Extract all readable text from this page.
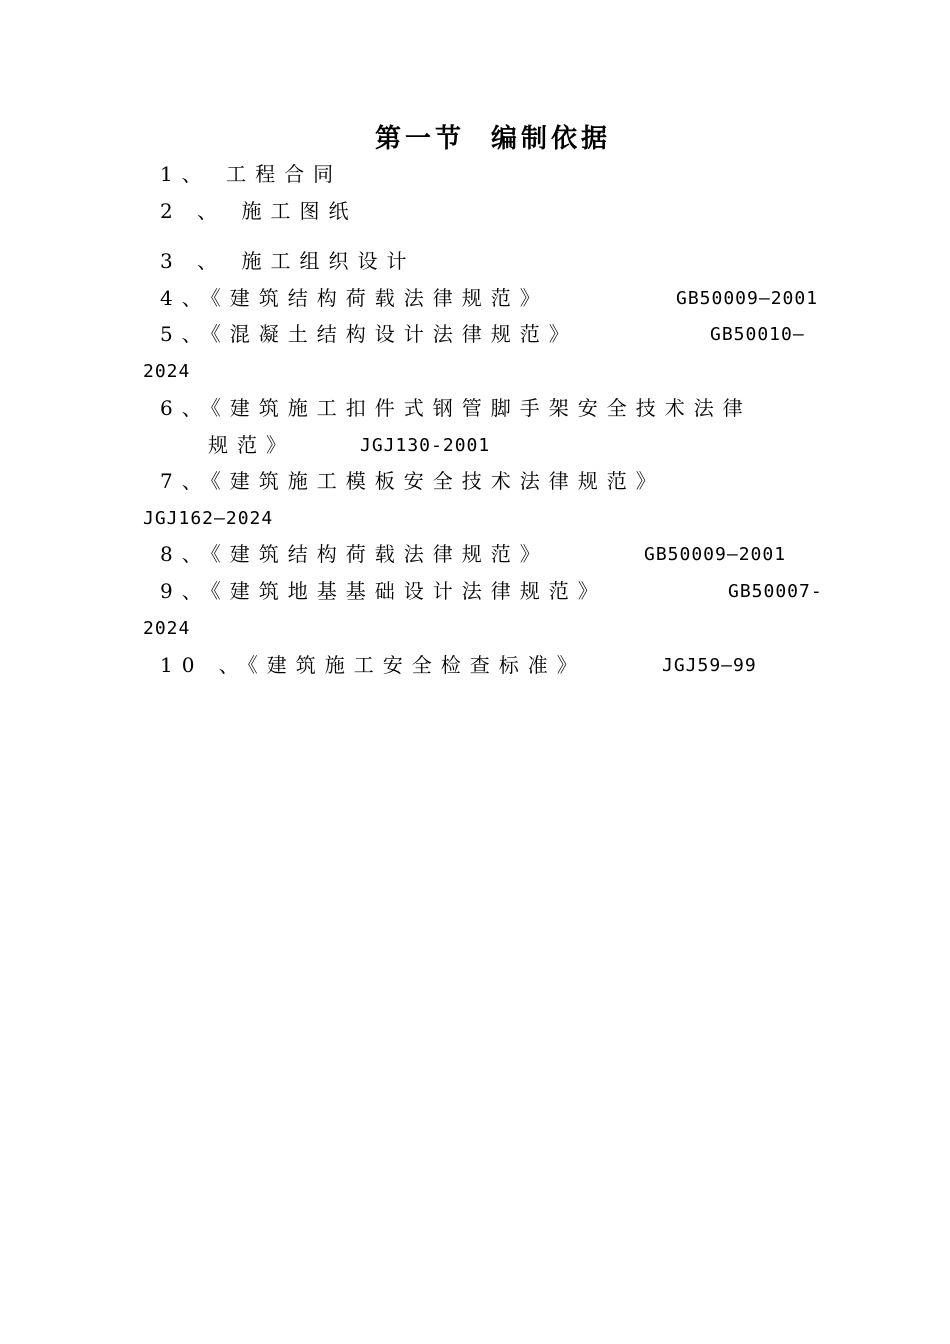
第一节  编制依据
1、 工程合同
2 、 施工图纸
3 、 施工组织设计
4、《建筑结构荷载法律规范》	GB50009—2001
5、《混凝土结构设计法律规范》	GB50010—
2024
6、《建筑施工扣件式钢管脚手架安全技术法律
规范》	JGJ130-2001
7、《建筑施工模板安全技术法律规范》
JGJ162—2024
8、《建筑结构荷载法律规范》	GB50009—2001
9、《建筑地基基础设计法律规范》	GB50007-
2024
10 、《建筑施工安全检查标准》	JGJ59—99
